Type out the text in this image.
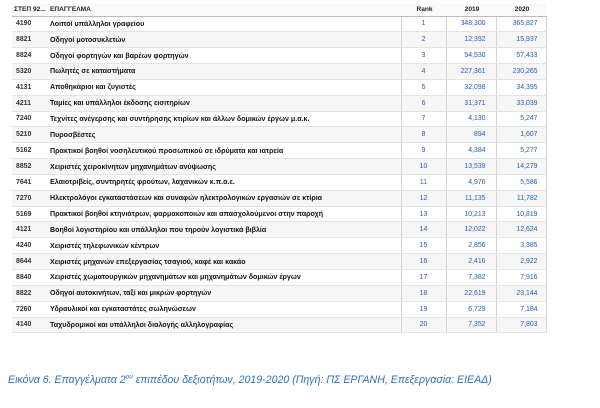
ΣΤΕΠ 92...	ΕΠΑΓΓΕΛΜΑ	Rank	2019	2020
4190	Λοιποί υπάλληλοι γραφείου	1	348,300	365,827
8821	Οδηγοί μοτοσυκλετών	2	12,392	15,937
8824	Οδηγοί φορτηγών και βαρέων φορτηγών	3	54,530	57,433
5320	Πωλητές σε καταστήματα	4	227,361	230,265
4131	Αποθηκάριοι και ζυγιστές	5	32,098	34,395
4211	Ταμίες και υπάλληλοι έκδοσης εισιτηρίων	6	31,371	33,039
7240	Τεχνίτες ανέγερσης και συντήρησης κτιρίων και άλλων δομικών έργων μ.α.κ.	7	4,130	5,247
5210	Πυροσβέστες	8	894	1,607
5162	Πρακτικοί βοηθοί νοσηλευτικού προσωπικού σε ιδρύματα και ιατρεία	9	4,384	5,277
8852	Χειριστές χειροκίνητων μηχανημάτων ανύψωσης	10	13,539	14,279
7641	Ελαιοτριβείς, συντηρητές φρούτων, λαχανικών κ.π.α.ε.	11	4,976	5,586
7270	Ηλεκτρολόγοι εγκαταστάσεων και συναφών ηλεκτρολογικών εργασιών σε κτίρια	12	11,135	11,782
5169	Πρακτικοί βοηθοί κτηνιάτρων, φαρμακοποιών και απασχολούμενοι στην παροχή	13	10,213	10,819
4121	Βοηθοί λογιστηρίου και υπάλληλοι που τηρούν λογιστικά βιβλία	14	12,022	12,624
4240	Χειριστές τηλεφωνικών κέντρων	15	2,856	3,385
8644	Χειριστές μηχανών επεξεργασίας τσαγιού, καφέ και κακάο	16	2,416	2,922
8840	Χειριστές χωματουργικών μηχανημάτων και μηχανημάτων δομικών έργων	17	7,382	7,916
8822	Οδηγοί αυτοκινήτων, ταξί και μικρών φορτηγών	18	22,619	23,144
7260	Υδραυλικοί και εγκαταστάτες σωληνώσεων	19	6,729	7,184
4140	Ταχυδρομικοί και υπάλληλοι διαλογής αλληλογραφίας	20	7,352	7,803
Εικόνα 6. Επαγγέλματα $2^{o\upsilon}$ επιπέδου δεξιοτήτων, 2019-2020 (Πηγή: ΠΣ ΕΡΓΑΝΗ, Επεξεργασία: ΕΙΕΑΔ)
